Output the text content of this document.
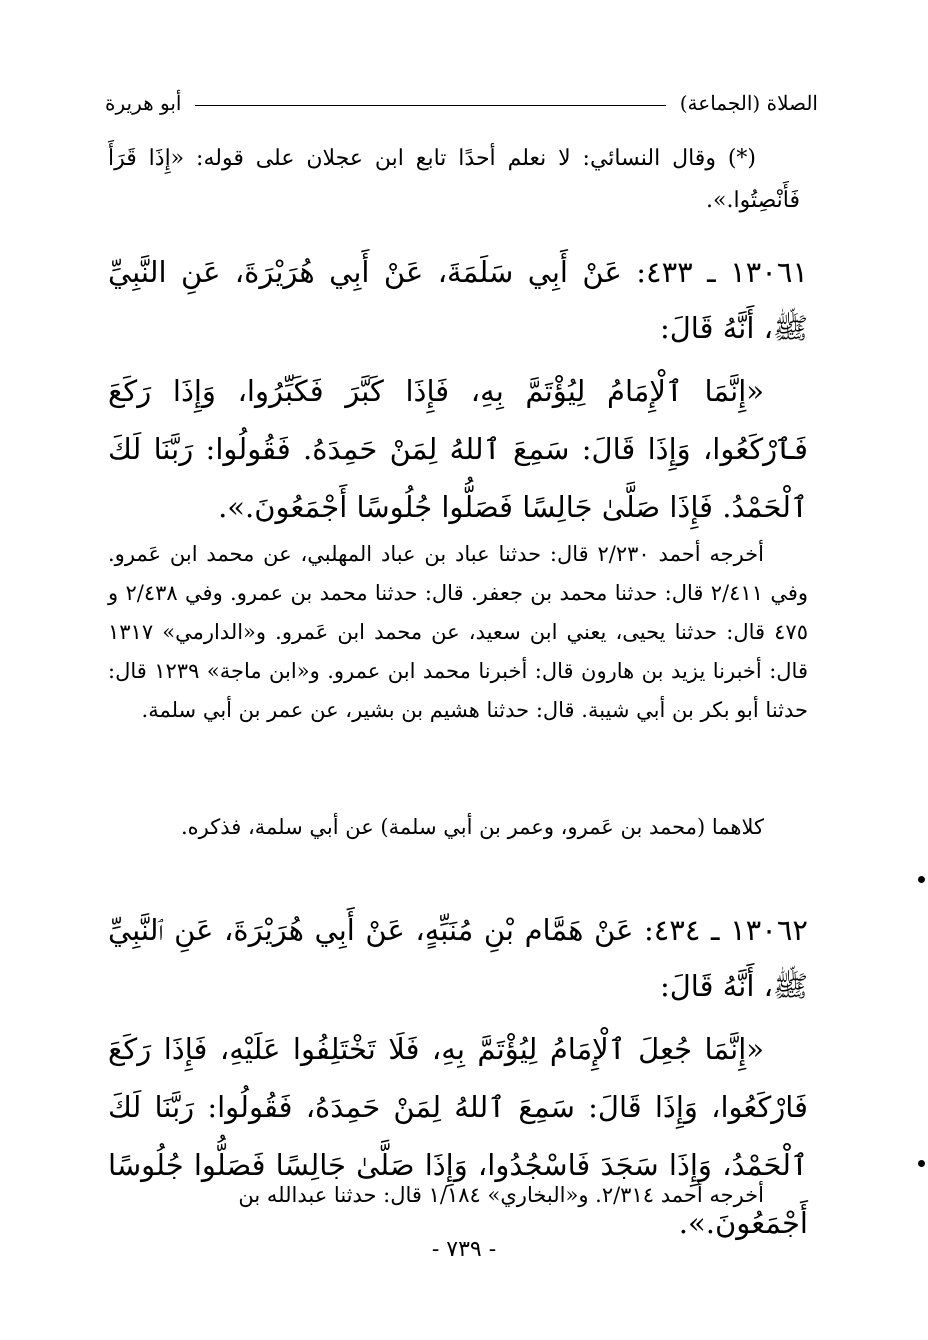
الصلاة (الجماعة)
أبو هريرة

(*) وقال النسائي: لا نعلم أحدًا تابع ابن عجلان على قوله: «إِذَا قَرَأَ فَأَنْصِتُوا.».

١٣٠٦١ ـ ٤٣٣: عَنْ أَبِي سَلَمَةَ، عَنْ أَبِي هُرَيْرَةَ، عَنِ النَّبِيِّ ﷺ، أَنَّهُ قَالَ:

«إِنَّمَا ٱلْإِمَامُ لِيُؤْتَمَّ بِهِ، فَإِذَا كَبَّرَ فَكَبِّرُوا، وَإِذَا رَكَعَ فَٱرْكَعُوا، وَإِذَا قَالَ: سَمِعَ ٱللهُ لِمَنْ حَمِدَهُ. فَقُولُوا: رَبَّنَا لَكَ ٱلْحَمْدُ. فَإِذَا صَلَّىٰ جَالِسًا فَصَلُّوا جُلُوسًا أَجْمَعُونَ.».

أخرجه أحمد ٢/٢٣٠ قال: حدثنا عباد بن عباد المهلبي، عن محمد ابن عَمرو. وفي ٢/٤١١ قال: حدثنا محمد بن جعفر. قال: حدثنا محمد بن عمرو. وفي ٢/٤٣٨ و ٤٧٥ قال: حدثنا يحيى، يعني ابن سعيد، عن محمد ابن عَمرو. و«الدارمي» ١٣١٧ قال: أخبرنا يزيد بن هارون قال: أخبرنا محمد ابن عمرو. و«ابن ماجة» ١٢٣٩ قال: حدثنا أبو بكر بن أبي شيبة. قال: حدثنا هشيم بن بشير، عن عمر بن أبي سلمة.

كلاهما (محمد بن عَمرو، وعمر بن أبي سلمة) عن أبي سلمة، فذكره.

١٣٠٦٢ ـ ٤٣٤: عَنْ هَمَّام بْنِ مُنَبِّهٍ، عَنْ أَبِي هُرَيْرَةَ، عَنِ ٱلنَّبِيِّ ﷺ، أَنَّهُ قَالَ:

«إِنَّمَا جُعِلَ ٱلْإِمَامُ لِيُؤْتَمَّ بِهِ، فَلَا تَخْتَلِفُوا عَلَيْهِ، فَإِذَا رَكَعَ فَارْكَعُوا، وَإِذَا قَالَ: سَمِعَ ٱللهُ لِمَنْ حَمِدَهُ، فَقُولُوا: رَبَّنَا لَكَ ٱلْحَمْدُ، وَإِذَا سَجَدَ فَاسْجُدُوا، وَإِذَا صَلَّىٰ جَالِسًا فَصَلُّوا جُلُوسًا أَجْمَعُونَ.».

أخرجه أحمد ٢/٣١٤. و«البخاري» ١/١٨٤ قال: حدثنا عبدالله بن

- ٧٣٩ -
